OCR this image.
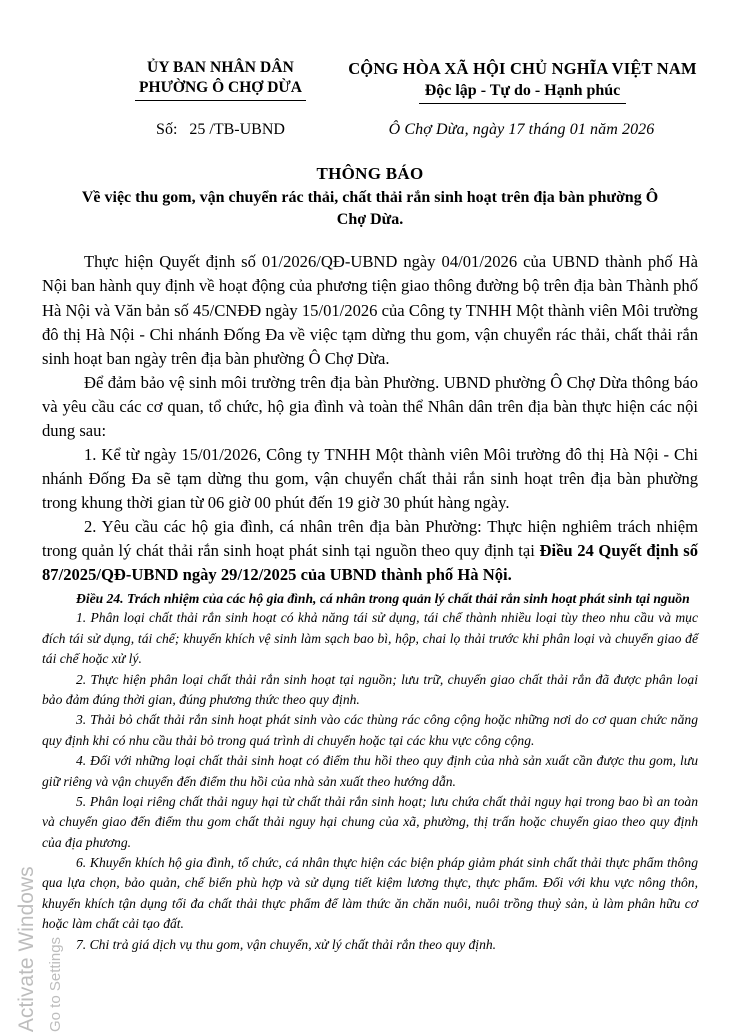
ỦY BAN NHÂN DÂN
PHƯỜNG Ô CHỢ DỪA
CỘNG HÒA XÃ HỘI CHỦ NGHĨA VIỆT NAM
Độc lập - Tự do - Hạnh phúc
Số:   25 /TB-UBND	Ô Chợ Dừa, ngày 17 tháng 01 năm 2026
THÔNG BÁO
Về việc thu gom, vận chuyển rác thải, chất thải rắn sinh hoạt trên địa bàn phường Ô Chợ Dừa.

Thực hiện Quyết định số 01/2026/QĐ-UBND ngày 04/01/2026 của UBND thành phố Hà Nội ban hành quy định về hoạt động của phương tiện giao thông đường bộ trên địa bàn Thành phố Hà Nội và Văn bản số 45/CNĐĐ ngày 15/01/2026 của Công ty TNHH Một thành viên Môi trường đô thị Hà Nội - Chi nhánh Đống Đa về việc tạm dừng thu gom, vận chuyển rác thải, chất thải rắn sinh hoạt ban ngày trên địa bàn phường Ô Chợ Dừa.

Để đảm bảo vệ sinh môi trường trên địa bàn Phường. UBND phường Ô Chợ Dừa thông báo và yêu cầu các cơ quan, tổ chức, hộ gia đình và toàn thể Nhân dân trên địa bàn thực hiện các nội dung sau:

1. Kể từ ngày 15/01/2026, Công ty TNHH Một thành viên Môi trường đô thị Hà Nội - Chi nhánh Đống Đa sẽ tạm dừng thu gom, vận chuyển chất thải rắn sinh hoạt trên địa bàn phường trong khung thời gian từ 06 giờ 00 phút đến 19 giờ 30 phút hàng ngày.

2. Yêu cầu các hộ gia đình, cá nhân trên địa bàn Phường: Thực hiện nghiêm trách nhiệm trong quản lý chát thải rắn sinh hoạt phát sinh tại nguồn theo quy định tại Điều 24 Quyết định số 87/2025/QĐ-UBND ngày 29/12/2025 của UBND thành phố Hà Nội.

Điều 24. Trách nhiệm của các hộ gia đình, cá nhân trong quản lý chất thải rắn sinh hoạt phát sinh tại nguồn

1. Phân loại chất thải rắn sinh hoạt có khả năng tái sử dụng, tái chế thành nhiều loại tùy theo nhu cầu và mục đích tái sử dụng, tái chế; khuyến khích vệ sinh làm sạch bao bì, hộp, chai lọ thải trước khi phân loại và chuyển giao để tái chế hoặc xử lý.

2. Thực hiện phân loại chất thải rắn sinh hoạt tại nguồn; lưu trữ, chuyển giao chất thải rắn đã được phân loại bảo đảm đúng thời gian, đúng phương thức theo quy định.

3. Thải bỏ chất thải rắn sinh hoạt phát sinh vào các thùng rác công cộng hoặc những nơi do cơ quan chức năng quy định khi có nhu cầu thải bỏ trong quá trình di chuyển hoặc tại các khu vực công cộng.

4. Đối với những loại chất thải sinh hoạt có điểm thu hồi theo quy định của nhà sản xuất cần được thu gom, lưu giữ riêng và vận chuyển đến điểm thu hồi của nhà sản xuất theo hướng dẫn.

5. Phân loại riêng chất thải nguy hại từ chất thải rắn sinh hoạt; lưu chứa chất thải nguy hại trong bao bì an toàn và chuyển giao đến điểm thu gom chất thải nguy hại chung của xã, phường, thị trấn hoặc chuyển giao theo quy định của địa phương.

6. Khuyến khích hộ gia đình, tổ chức, cá nhân thực hiện các biện pháp giảm phát sinh chất thải thực phẩm thông qua lựa chọn, bảo quản, chế biến phù hợp và sử dụng tiết kiệm lương thực, thực phẩm. Đối với khu vực nông thôn, khuyến khích tận dụng tối đa chất thải thực phẩm để làm thức ăn chăn nuôi, nuôi trồng thuỷ sản, ủ làm phân hữu cơ hoặc làm chất cải tạo đất.

7. Chi trả giá dịch vụ thu gom, vận chuyển, xử lý chất thải rắn theo quy định.

Activate Windows Go to Settings
